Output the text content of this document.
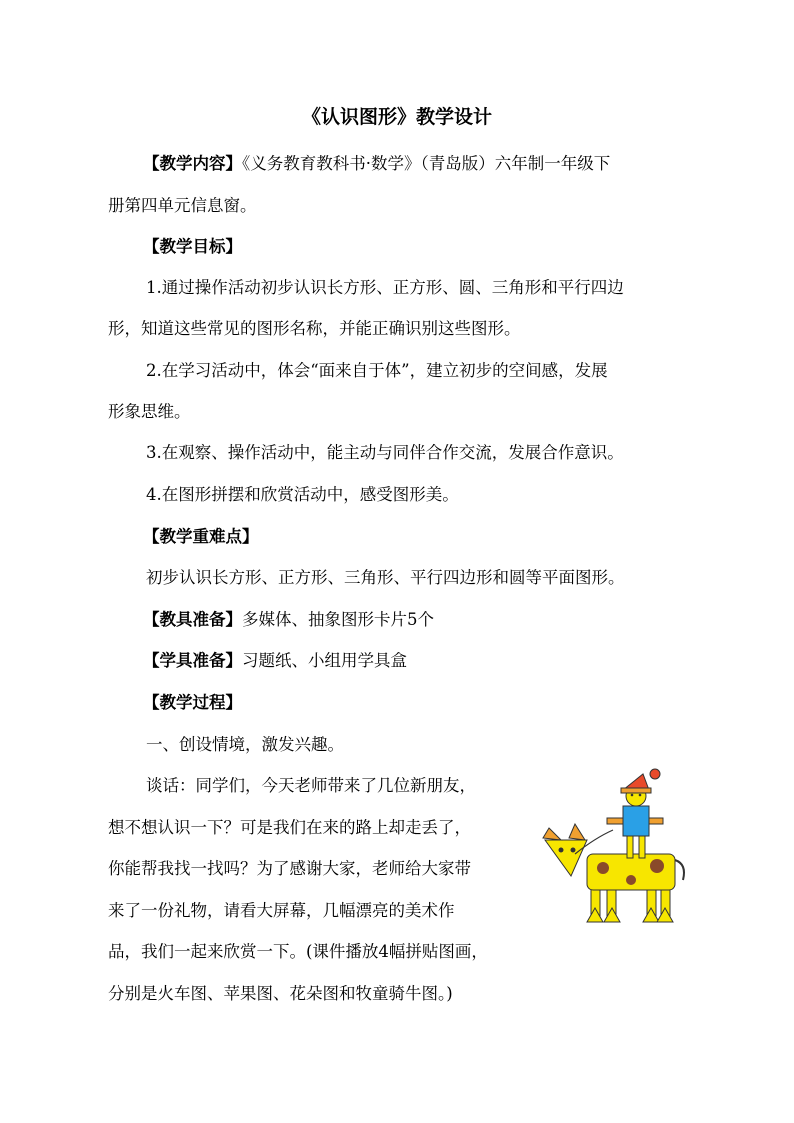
《认识图形》教学设计
【教学内容】《义务教育教科书·数学》（青岛版）六年制一年级下
册第四单元信息窗。
【教学目标】
1.通过操作活动初步认识长方形、正方形、圆、三角形和平行四边
形，知道这些常见的图形名称，并能正确识别这些图形。
2.在学习活动中，体会“面来自于体”，建立初步的空间感，发展
形象思维。
3.在观察、操作活动中，能主动与同伴合作交流，发展合作意识。
4.在图形拼摆和欣赏活动中，感受图形美。
【教学重难点】
初步认识长方形、正方形、三角形、平行四边形和圆等平面图形。
【教具准备】多媒体、抽象图形卡片5个
【学具准备】习题纸、小组用学具盒
【教学过程】
一、创设情境，激发兴趣。
谈话：同学们，今天老师带来了几位新朋友，
想不想认识一下？可是我们在来的路上却走丢了，
你能帮我找一找吗？为了感谢大家，老师给大家带
来了一份礼物，请看大屏幕，几幅漂亮的美术作
品，我们一起来欣赏一下。(课件播放4幅拼贴图画，
分别是火车图、苹果图、花朵图和牧童骑牛图。)
